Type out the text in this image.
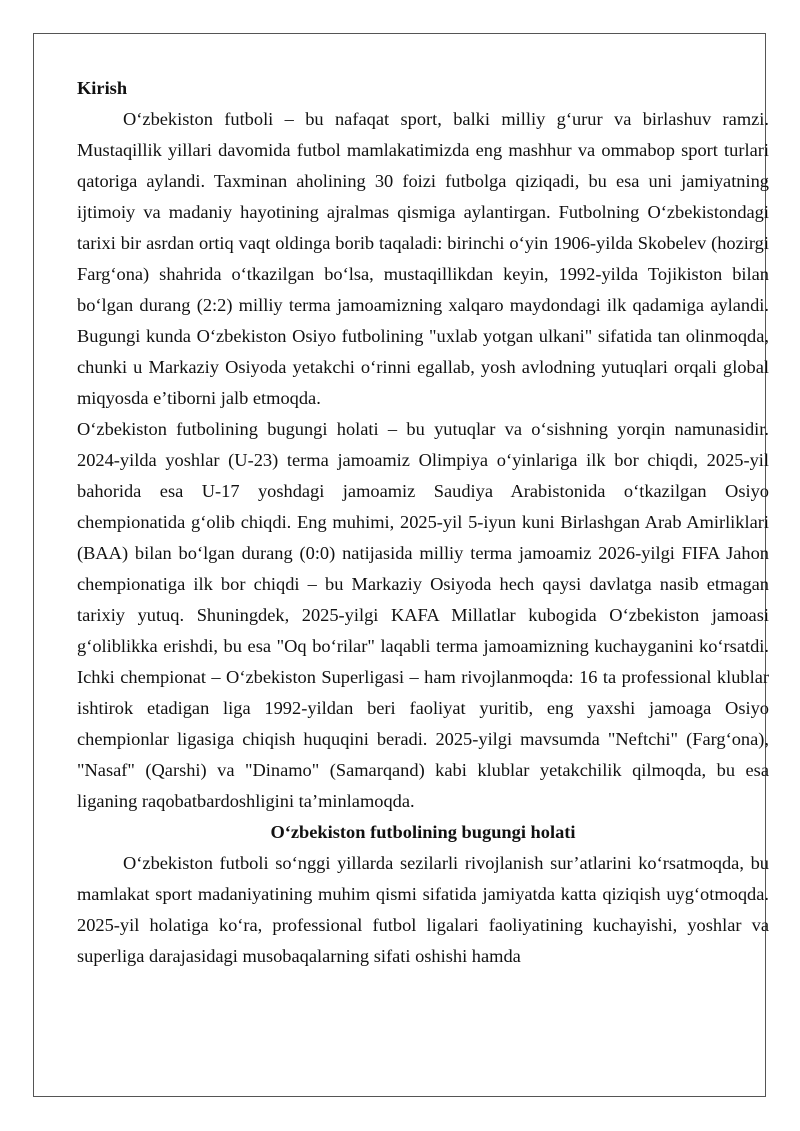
Kirish

O‘zbekiston futboli – bu nafaqat sport, balki milliy g‘urur va birlashuv ramzi. Mustaqillik yillari davomida futbol mamlakatimizda eng mashhur va ommabop sport turlari qatoriga aylandi. Taxminan aholining 30 foizi futbolga qiziqadi, bu esa uni jamiyatning ijtimoiy va madaniy hayotining ajralmas qismiga aylantirgan. Futbolning O‘zbekistondagi tarixi bir asrdan ortiq vaqt oldinga borib taqaladi: birinchi o‘yin 1906-yilda Skobelev (hozirgi Farg‘ona) shahrida o‘tkazilgan bo‘lsa, mustaqillikdan keyin, 1992-yilda Tojikiston bilan bo‘lgan durang (2:2) milliy terma jamoamizning xalqaro maydondagi ilk qadamiga aylandi. Bugungi kunda O‘zbekiston Osiyo futbolining "uxlab yotgan ulkani" sifatida tan olinmoqda, chunki u Markaziy Osiyoda yetakchi o‘rinni egallab, yosh avlodning yutuqlari orqali global miqyosda e’tiborni jalb etmoqda.

O‘zbekiston futbolining bugungi holati – bu yutuqlar va o‘sishning yorqin namunasidir. 2024-yilda yoshlar (U-23) terma jamoamiz Olimpiya o‘yinlariga ilk bor chiqdi, 2025-yil bahorida esa U-17 yoshdagi jamoamiz Saudiya Arabistonida o‘tkazilgan Osiyo chempionatida g‘olib chiqdi. Eng muhimi, 2025-yil 5-iyun kuni Birlashgan Arab Amirliklari (BAA) bilan bo‘lgan durang (0:0) natijasida milliy terma jamoamiz 2026-yilgi FIFA Jahon chempionatiga ilk bor chiqdi – bu Markaziy Osiyoda hech qaysi davlatga nasib etmagan tarixiy yutuq. Shuningdek, 2025-yilgi KAFA Millatlar kubogida O‘zbekiston jamoasi g‘oliblikka erishdi, bu esa "Oq bo‘rilar" laqabli terma jamoamizning kuchayganini ko‘rsatdi. Ichki chempionat – O‘zbekiston Superligasi – ham rivojlanmoqda: 16 ta professional klublar ishtirok etadigan liga 1992-yildan beri faoliyat yuritib, eng yaxshi jamoaga Osiyo chempionlar ligasiga chiqish huquqini beradi. 2025-yilgi mavsumda "Neftchi" (Farg‘ona), "Nasaf" (Qarshi) va "Dinamo" (Samarqand) kabi klublar yetakchilik qilmoqda, bu esa liganing raqobatbardoshligini ta’minlamoqda.

O‘zbekiston futbolining bugungi holati

O‘zbekiston futboli so‘nggi yillarda sezilarli rivojlanish sur’atlarini ko‘rsatmoqda, bu mamlakat sport madaniyatining muhim qismi sifatida jamiyatda katta qiziqish uyg‘otmoqda. 2025-yil holatiga ko‘ra, professional futbol ligalari faoliyatining kuchayishi, yoshlar va superliga darajasidagi musobaqalarning sifati oshishi hamda
